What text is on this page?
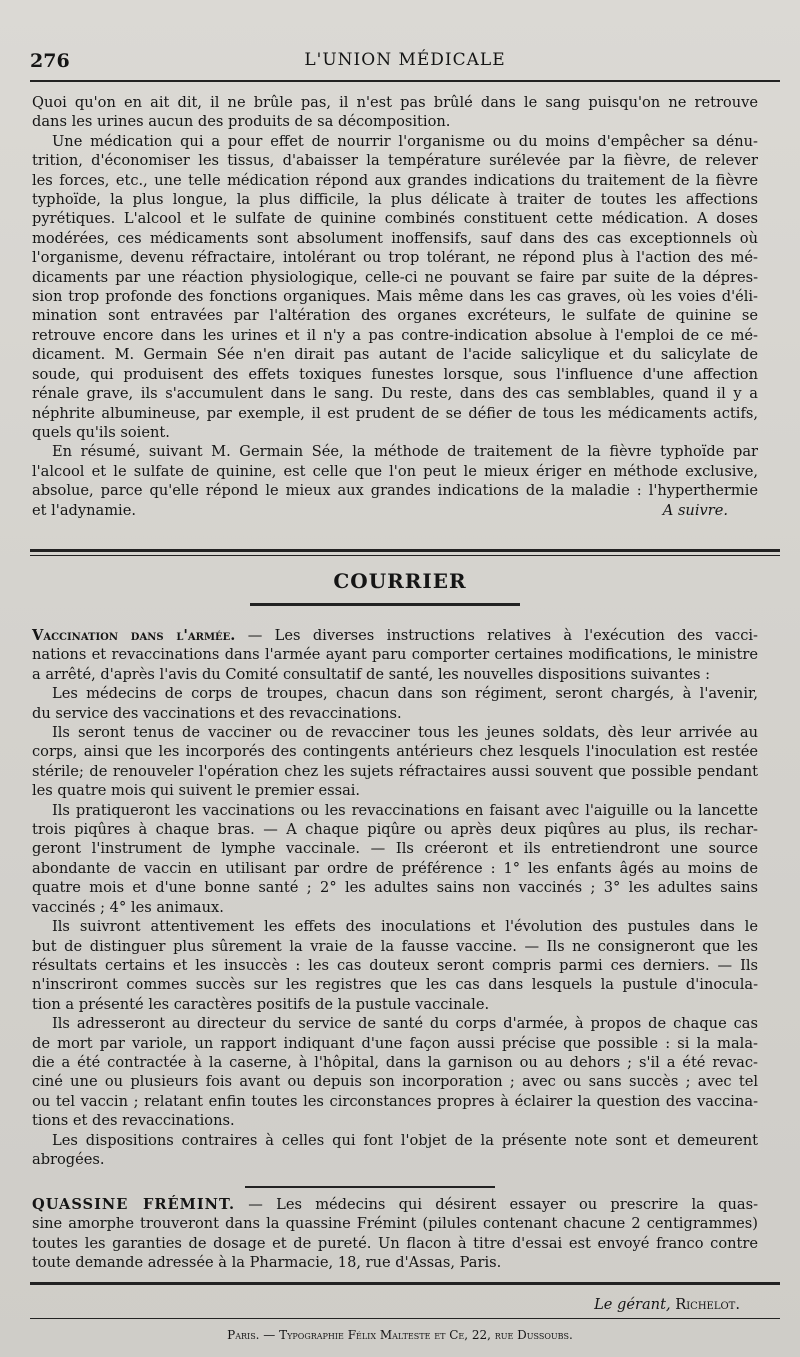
276	L'UNION MÉDICALE
Quoi qu'on en ait dit, il ne brûle pas, il n'est pas brûlé dans le sang puisqu'on ne retrouve
dans les urines aucun des produits de sa décomposition.
Une médication qui a pour effet de nourrir l'organisme ou du moins d'empêcher sa dénu-
trition, d'économiser les tissus, d'abaisser la température surélevée par la fièvre, de relever
les forces, etc., une telle médication répond aux grandes indications du traitement de la fièvre
typhoïde, la plus longue, la plus difficile, la plus délicate à traiter de toutes les affections
pyrétiques. L'alcool et le sulfate de quinine combinés constituent cette médication. A doses
modérées, ces médicaments sont absolument inoffensifs, sauf dans des cas exceptionnels où
l'organisme, devenu réfractaire, intolérant ou trop tolérant, ne répond plus à l'action des mé-
dicaments par une réaction physiologique, celle-ci ne pouvant se faire par suite de la dépres-
sion trop profonde des fonctions organiques. Mais même dans les cas graves, où les voies d'éli-
mination sont entravées par l'altération des organes excréteurs, le sulfate de quinine se
retrouve encore dans les urines et il n'y a pas contre-indication absolue à l'emploi de ce mé-
dicament. M. Germain Sée n'en dirait pas autant de l'acide salicylique et du salicylate de
soude, qui produisent des effets toxiques funestes lorsque, sous l'influence d'une affection
rénale grave, ils s'accumulent dans le sang. Du reste, dans des cas semblables, quand il y a
néphrite albumineuse, par exemple, il est prudent de se défier de tous les médicaments actifs,
quels qu'ils soient.
En résumé, suivant M. Germain Sée, la méthode de traitement de la fièvre typhoïde par
l'alcool et le sulfate de quinine, est celle que l'on peut le mieux ériger en méthode exclusive,
absolue, parce qu'elle répond le mieux aux grandes indications de la maladie : l'hyperthermie
et l'adynamie.	A suivre.
COURRIER
Vaccination dans l'armée. — Les diverses instructions relatives à l'exécution des vacci-
nations et revaccinations dans l'armée ayant paru comporter certaines modifications, le ministre
a arrêté, d'après l'avis du Comité consultatif de santé, les nouvelles dispositions suivantes :
Les médecins de corps de troupes, chacun dans son régiment, seront chargés, à l'avenir,
du service des vaccinations et des revaccinations.
Ils seront tenus de vacciner ou de revacciner tous les jeunes soldats, dès leur arrivée au
corps, ainsi que les incorporés des contingents antérieurs chez lesquels l'inoculation est restée
stérile; de renouveler l'opération chez les sujets réfractaires aussi souvent que possible pendant
les quatre mois qui suivent le premier essai.
Ils pratiqueront les vaccinations ou les revaccinations en faisant avec l'aiguille ou la lancette
trois piqûres à chaque bras. — A chaque piqûre ou après deux piqûres au plus, ils rechar-
geront l'instrument de lymphe vaccinale. — Ils créeront et ils entretiendront une source
abondante de vaccin en utilisant par ordre de préférence : 1° les enfants âgés au moins de
quatre mois et d'une bonne santé ; 2° les adultes sains non vaccinés ; 3° les adultes sains
vaccinés ; 4° les animaux.
Ils suivront attentivement les effets des inoculations et l'évolution des pustules dans le
but de distinguer plus sûrement la vraie de la fausse vaccine. — Ils ne consigneront que les
résultats certains et les insuccès : les cas douteux seront compris parmi ces derniers. — Ils
n'inscriront commes succès sur les registres que les cas dans lesquels la pustule d'inocula-
tion a présenté les caractères positifs de la pustule vaccinale.
Ils adresseront au directeur du service de santé du corps d'armée, à propos de chaque cas
de mort par variole, un rapport indiquant d'une façon aussi précise que possible : si la mala-
die a été contractée à la caserne, à l'hôpital, dans la garnison ou au dehors ; s'il a été revac-
ciné une ou plusieurs fois avant ou depuis son incorporation ; avec ou sans succès ; avec tel
ou tel vaccin ; relatant enfin toutes les circonstances propres à éclairer la question des vaccina-
tions et des revaccinations.
Les dispositions contraires à celles qui font l'objet de la présente note sont et demeurent
abrogées.
QUASSINE FRÉMINT. — Les médecins qui désirent essayer ou prescrire la quas-
sine amorphe trouveront dans la quassine Frémint (pilules contenant chacune 2 centigrammes)
toutes les garanties de dosage et de pureté. Un flacon à titre d'essai est envoyé franco contre
toute demande adressée à la Pharmacie, 18, rue d'Assas, Paris.
Le gérant, Richelot.
Paris. — Typographie Félix Malteste et Ce, 22, rue Dussoubs.
